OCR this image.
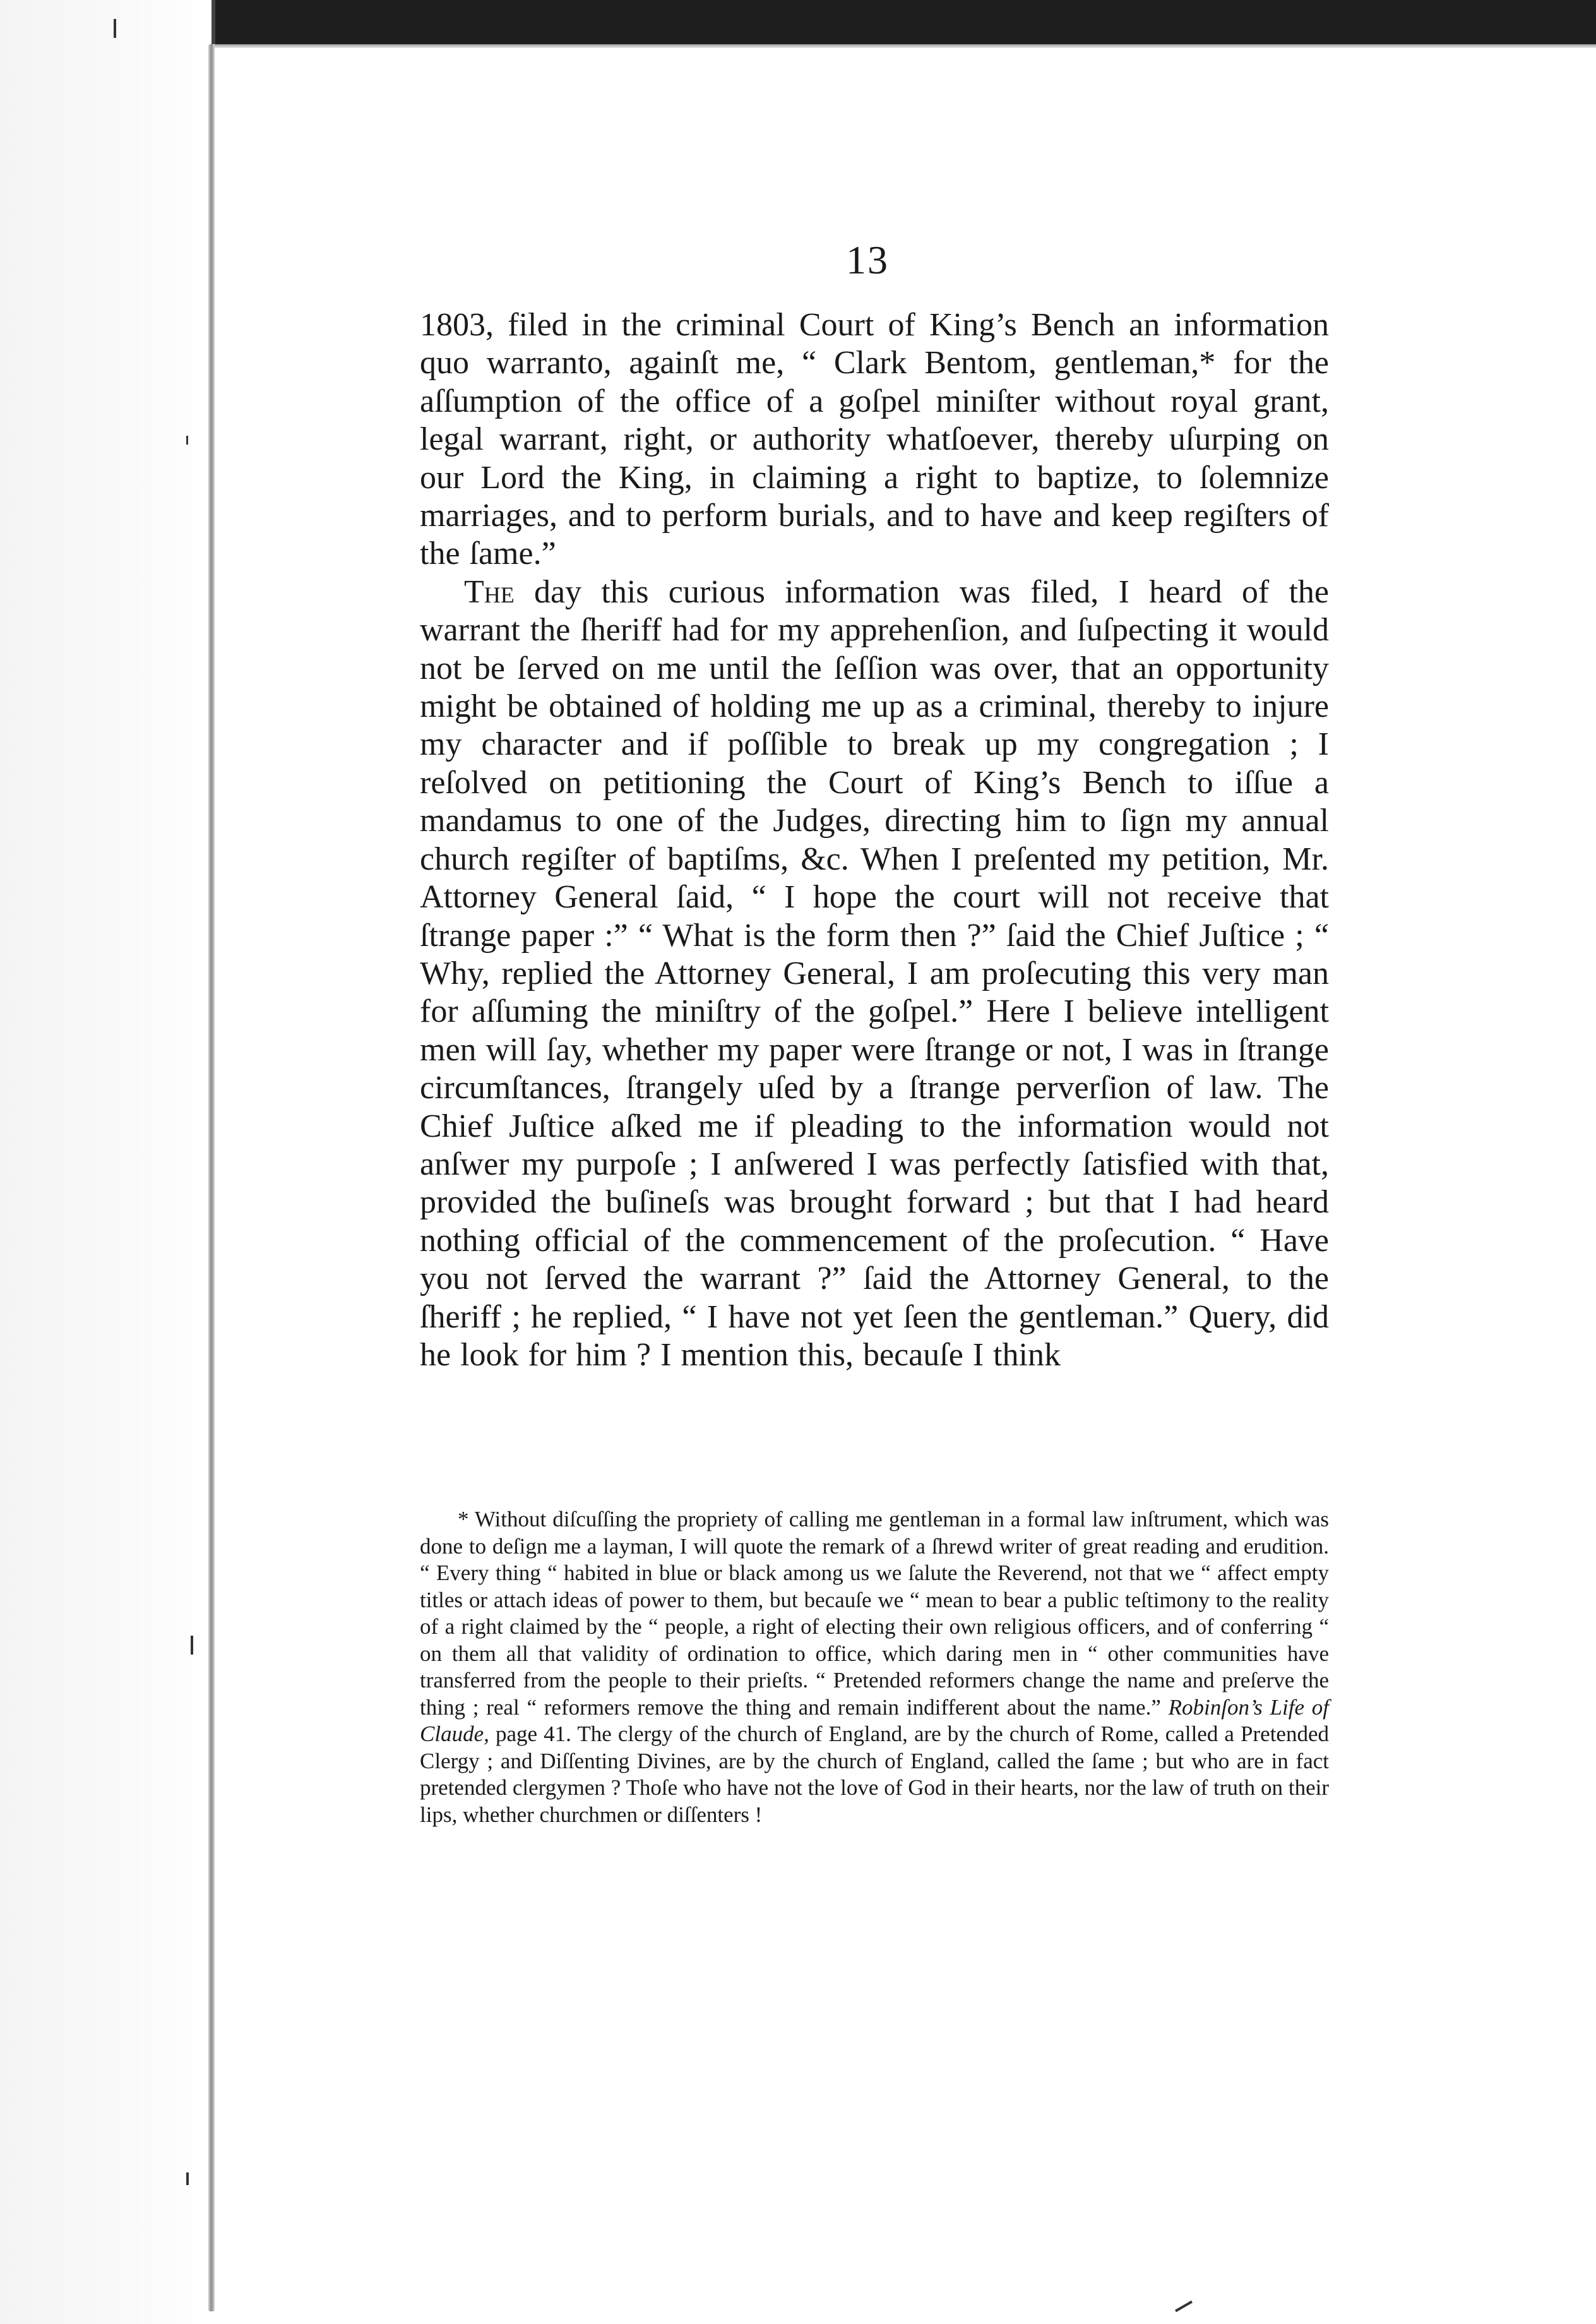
13

1803, filed in the criminal Court of King’s Bench an information quo warranto, againſt me, “ Clark Bentom, gentleman,* for the aſſumption of the office of a goſpel miniſter without royal grant, legal warrant, right, or authority whatſoever, thereby uſurping on our Lord the King, in claiming a right to baptize, to ſolemnize marriages, and to perform burials, and to have and keep regiſters of the ſame.”

The day this curious information was filed, I heard of the warrant the ſheriff had for my apprehenſion, and ſuſpecting it would not be ſerved on me until the ſeſſion was over, that an opportunity might be obtained of holding me up as a criminal, thereby to injure my character and if poſſible to break up my congregation ; I reſolved on petitioning the Court of King’s Bench to iſſue a mandamus to one of the Judges, directing him to ſign my annual church regiſter of baptiſms, &c. When I preſented my petition, Mr. Attorney General ſaid, “ I hope the court will not receive that ſtrange paper :” “ What is the form then ?” ſaid the Chief Juſtice ; “ Why, replied the Attorney General, I am proſecuting this very man for aſſuming the miniſtry of the goſpel.” Here I believe intelligent men will ſay, whether my paper were ſtrange or not, I was in ſtrange circumſtances, ſtrangely uſed by a ſtrange perverſion of law. The Chief Juſtice aſked me if pleading to the information would not anſwer my purpoſe ; I anſwered I was perfectly ſatisfied with that, provided the buſineſs was brought forward ; but that I had heard nothing official of the commencement of the proſecution. “ Have you not ſerved the warrant ?” ſaid the Attorney General, to the ſheriff ; he replied, “ I have not yet ſeen the gentleman.” Query, did he look for him ? I mention this, becauſe I think

* Without diſcuſſing the propriety of calling me gentleman in a formal law inſtrument, which was done to deſign me a layman, I will quote the remark of a ſhrewd writer of great reading and erudition. “ Every thing “ habited in blue or black among us we ſalute the Reverend, not that we “ affect empty titles or attach ideas of power to them, but becauſe we “ mean to bear a public teſtimony to the reality of a right claimed by the “ people, a right of electing their own religious officers, and of conferring “ on them all that validity of ordination to office, which daring men in “ other communities have transferred from the people to their prieſts. “ Pretended reformers change the name and preſerve the thing ; real “ reformers remove the thing and remain indifferent about the name.” Robinſon’s Life of Claude, page 41. The clergy of the church of England, are by the church of Rome, called a Pretended Clergy ; and Diſſenting Divines, are by the church of England, called the ſame ; but who are in fact pretended clergymen ? Thoſe who have not the love of God in their hearts, nor the law of truth on their lips, whether churchmen or diſſenters !
